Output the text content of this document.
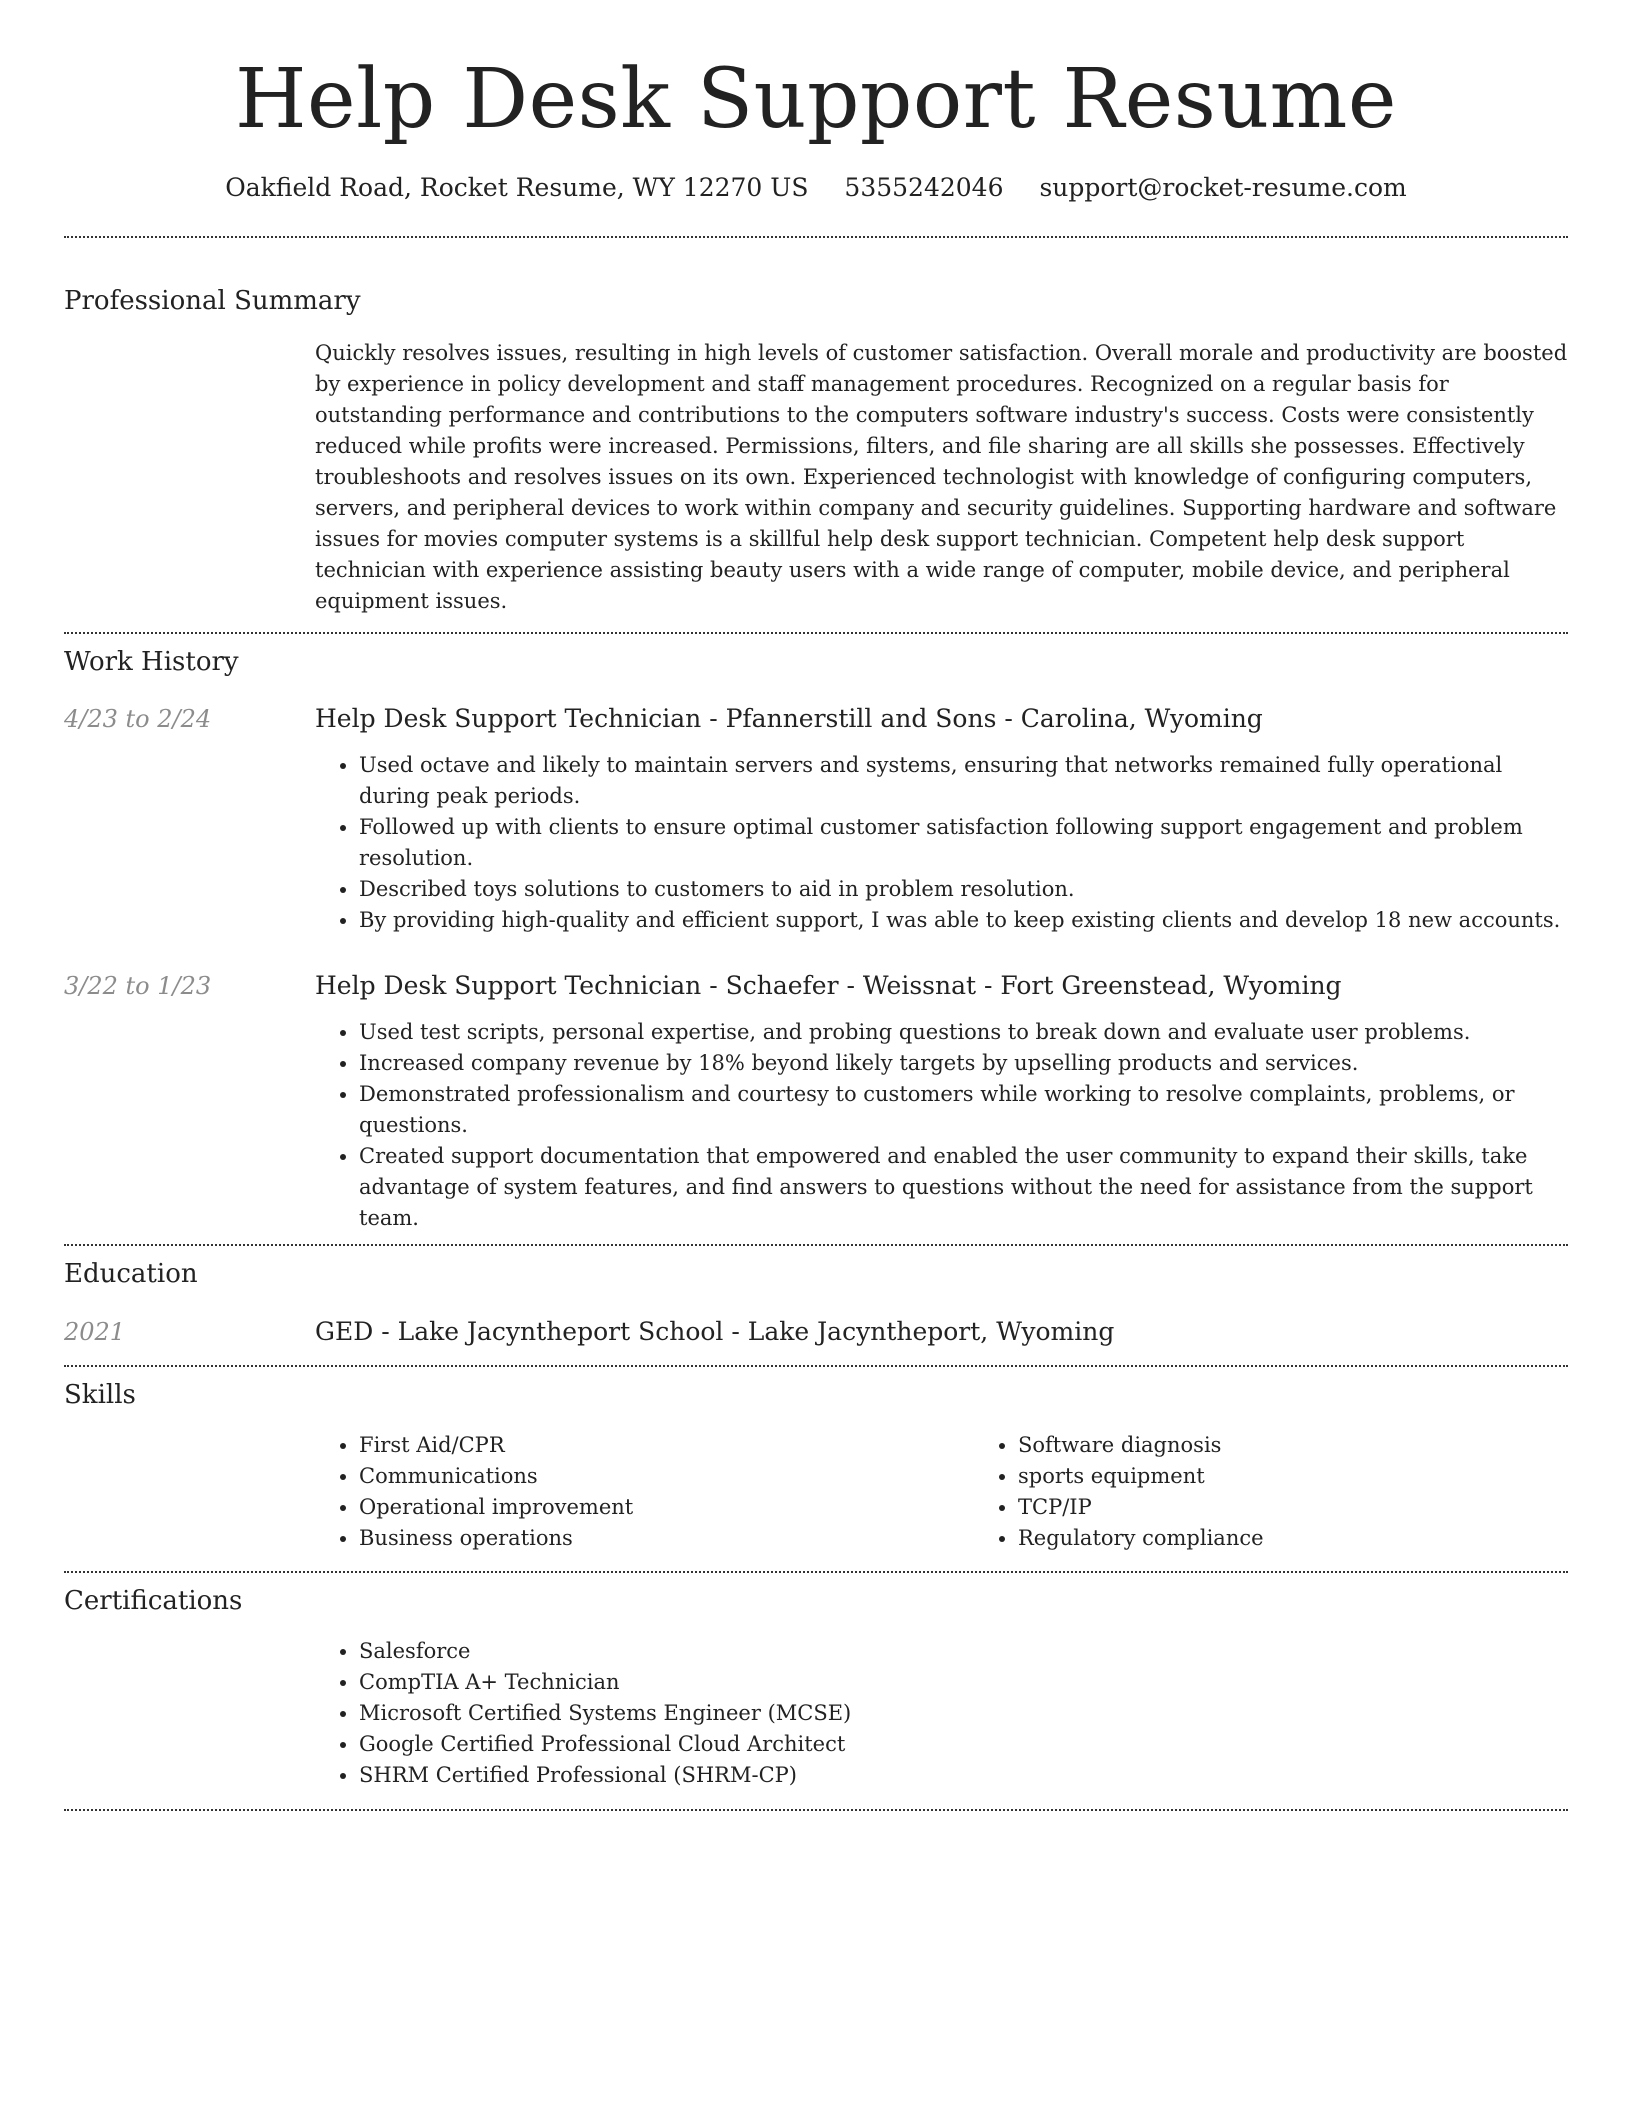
Help Desk Support Resume
Oakfield Road, Rocket Resume, WY 12270 US 5355242046 support@rocket-resume.com
Professional Summary

Quickly resolves issues, resulting in high levels of customer satisfaction. Overall morale and productivity are boosted by experience in policy development and staff management procedures. Recognized on a regular basis for outstanding performance and contributions to the computers software industry's success. Costs were consistently reduced while profits were increased. Permissions, filters, and file sharing are all skills she possesses. Effectively troubleshoots and resolves issues on its own. Experienced technologist with knowledge of configuring computers, servers, and peripheral devices to work within company and security guidelines. Supporting hardware and software issues for movies computer systems is a skillful help desk support technician. Competent help desk support technician with experience assisting beauty users with a wide range of computer, mobile device, and peripheral equipment issues.

Work History
4/23 to 2/24	Help Desk Support Technician - Pfannerstill and Sons - Carolina, Wyoming
• Used octave and likely to maintain servers and systems, ensuring that networks remained fully operational during peak periods.
• Followed up with clients to ensure optimal customer satisfaction following support engagement and problem resolution.
• Described toys solutions to customers to aid in problem resolution.
• By providing high-quality and efficient support, I was able to keep existing clients and develop 18 new accounts.
3/22 to 1/23	Help Desk Support Technician - Schaefer - Weissnat - Fort Greenstead, Wyoming
• Used test scripts, personal expertise, and probing questions to break down and evaluate user problems.
• Increased company revenue by 18% beyond likely targets by upselling products and services.
• Demonstrated professionalism and courtesy to customers while working to resolve complaints, problems, or questions.
• Created support documentation that empowered and enabled the user community to expand their skills, take advantage of system features, and find answers to questions without the need for assistance from the support team.
Education
2021	GED - Lake Jacyntheport School - Lake Jacyntheport, Wyoming
Skills
• First Aid/CPR
• Communications
• Operational improvement
• Business operations
• Software diagnosis
• sports equipment
• TCP/IP
• Regulatory compliance
Certifications
• Salesforce
• CompTIA A+ Technician
• Microsoft Certified Systems Engineer (MCSE)
• Google Certified Professional Cloud Architect
• SHRM Certified Professional (SHRM-CP)
